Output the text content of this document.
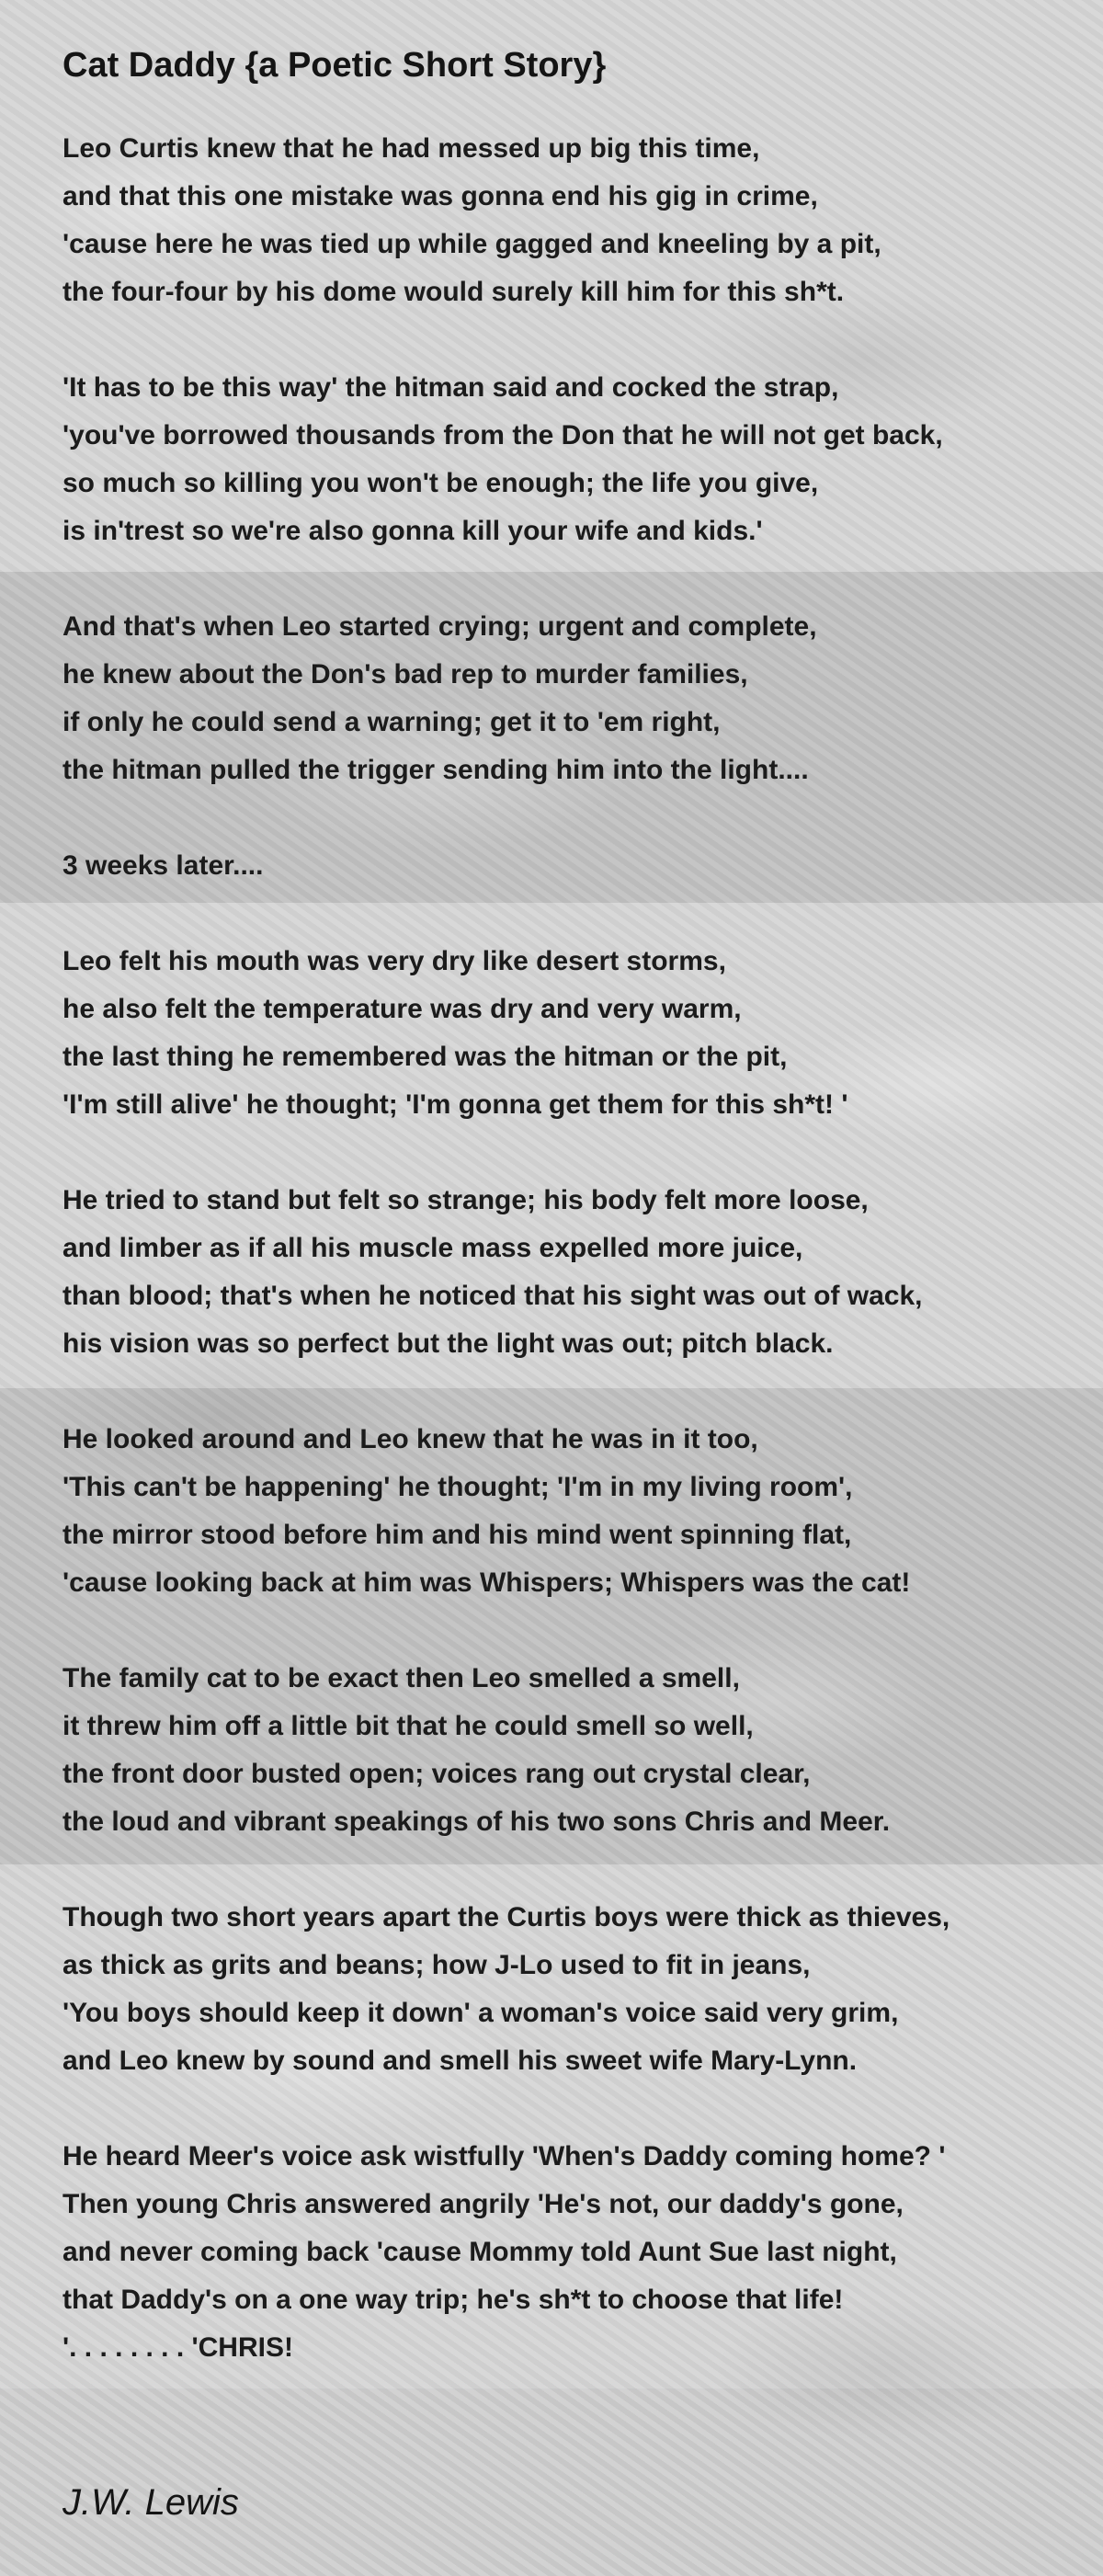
Cat Daddy {a Poetic Short Story}
Leo Curtis knew that he had messed up big this time,
and that this one mistake was gonna end his gig in crime,
'cause here he was tied up while gagged and kneeling by a pit,
the four-four by his dome would surely kill him for this sh*t.
'It has to be this way' the hitman said and cocked the strap,
'you've borrowed thousands from the Don that he will not get back,
so much so killing you won't be enough; the life you give,
is in'trest so we're also gonna kill your wife and kids.'
And that's when Leo started crying; urgent and complete,
he knew about the Don's bad rep to murder families,
if only he could send a warning; get it to 'em right,
the hitman pulled the trigger sending him into the light....
3 weeks later....
Leo felt his mouth was very dry like desert storms,
he also felt the temperature was dry and very warm,
the last thing he remembered was the hitman or the pit,
'I'm still alive' he thought; 'I'm gonna get them for this sh*t! '
He tried to stand but felt so strange; his body felt more loose,
and limber as if all his muscle mass expelled more juice,
than blood; that's when he noticed that his sight was out of wack,
his vision was so perfect but the light was out; pitch black.
He looked around and Leo knew that he was in it too,
'This can't be happening' he thought; 'I'm in my living room',
the mirror stood before him and his mind went spinning flat,
'cause looking back at him was Whispers; Whispers was the cat!
The family cat to be exact then Leo smelled a smell,
it threw him off a little bit that he could smell so well,
the front door busted open; voices rang out crystal clear,
the loud and vibrant speakings of his two sons Chris and Meer.
Though two short years apart the Curtis boys were thick as thieves,
as thick as grits and beans; how J-Lo used to fit in jeans,
'You boys should keep it down' a woman's voice said very grim,
and Leo knew by sound and smell his sweet wife Mary-Lynn.
He heard Meer's voice ask wistfully 'When's Daddy coming home? '
Then young Chris answered angrily 'He's not, our daddy's gone,
and never coming back 'cause Mommy told Aunt Sue last night,
that Daddy's on a one way trip; he's sh*t to choose that life!
'. . . . . . . . 'CHRIS!
J.W. Lewis
